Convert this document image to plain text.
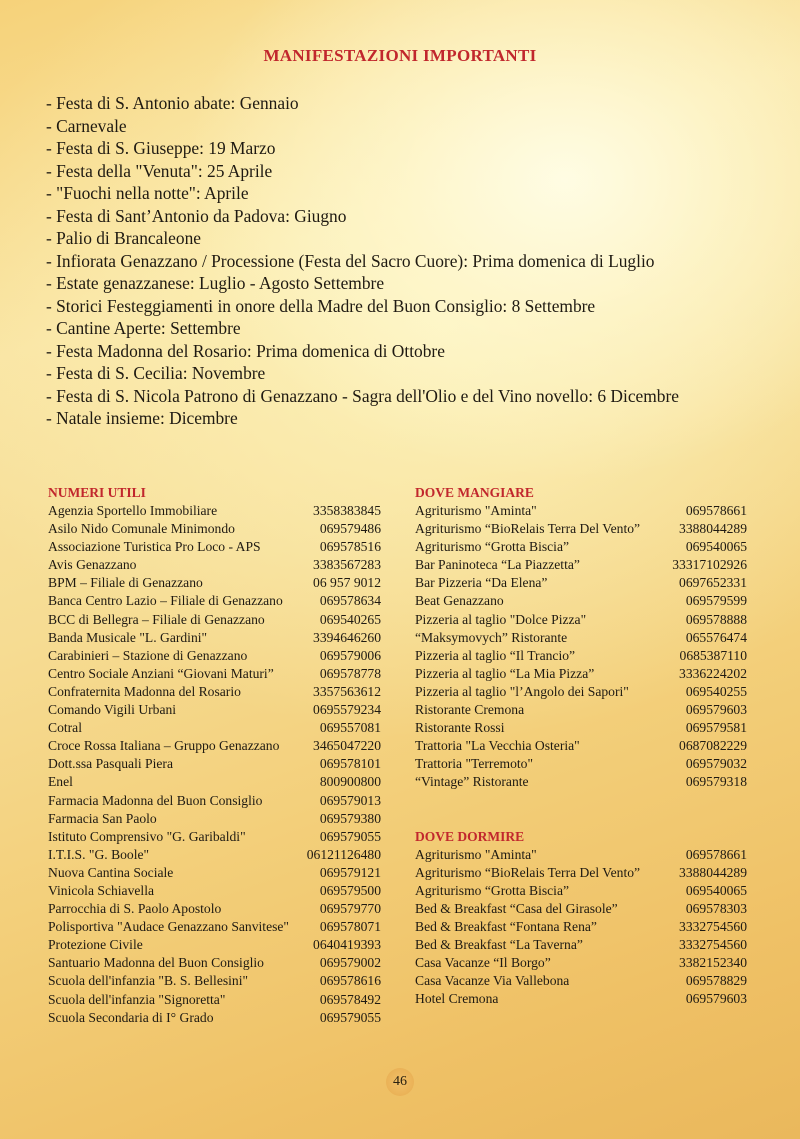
MANIFESTAZIONI IMPORTANTI
- Festa di S. Antonio abate: Gennaio
- Carnevale
- Festa di S. Giuseppe: 19 Marzo
- Festa della "Venuta": 25 Aprile
- "Fuochi nella notte": Aprile
- Festa di Sant’Antonio da Padova: Giugno
- Palio di Brancaleone
- Infiorata Genazzano / Processione (Festa del Sacro Cuore): Prima domenica di Luglio
- Estate genazzanese: Luglio - Agosto Settembre
- Storici Festeggiamenti in onore della Madre del Buon Consiglio: 8 Settembre
- Cantine Aperte: Settembre
- Festa Madonna del Rosario: Prima domenica di Ottobre
- Festa di S. Cecilia: Novembre
- Festa di S. Nicola Patrono di Genazzano - Sagra dell'Olio e del Vino novello: 6 Dicembre
- Natale insieme: Dicembre
NUMERI UTILI
Agenzia Sportello Immobiliare	3358383845
Asilo Nido Comunale Minimondo	069579486
Associazione Turistica Pro Loco - APS	069578516
Avis Genazzano	3383567283
BPM – Filiale di Genazzano	06 957 9012
Banca Centro Lazio – Filiale di Genazzano	069578634
BCC di Bellegra – Filiale di Genazzano	069540265
Banda Musicale "L. Gardini"	3394646260
Carabinieri – Stazione di Genazzano	069579006
Centro Sociale Anziani “Giovani Maturi”	069578778
Confraternita Madonna del Rosario	3357563612
Comando Vigili Urbani	0695579234
Cotral	069557081
Croce Rossa Italiana – Gruppo Genazzano 3465047220
Dott.ssa Pasquali Piera	069578101
Enel	800900800
Farmacia Madonna del Buon Consiglio	069579013
Farmacia San Paolo	069579380
Istituto Comprensivo "G. Garibaldi"	069579055
I.T.I.S. "G. Boole"	06121126480
Nuova Cantina Sociale	069579121
Vinicola Schiavella	069579500
Parrocchia di S. Paolo Apostolo	069579770
Polisportiva "Audace Genazzano Sanvitese" 069578071
Protezione Civile	0640419393
Santuario Madonna del Buon Consiglio	069579002
Scuola dell'infanzia "B. S. Bellesini"	069578616
Scuola dell'infanzia "Signoretta"	069578492
Scuola Secondaria di I° Grado	069579055
DOVE MANGIARE
Agriturismo "Aminta"	069578661
Agriturismo “BioRelais Terra Del Vento”	3388044289
Agriturismo “Grotta Biscia”	069540065
Bar Paninoteca “La Piazzetta”	33317102926
Bar Pizzeria “Da Elena”	0697652331
Beat Genazzano	069579599
Pizzeria al taglio "Dolce Pizza"	069578888
“Maksymovych” Ristorante	065576474
Pizzeria al taglio “Il Trancio”	0685387110
Pizzeria al taglio “La Mia Pizza”	3336224202
Pizzeria al taglio "l’Angolo dei Sapori"	069540255
Ristorante Cremona	069579603
Ristorante Rossi	069579581
Trattoria "La Vecchia Osteria"	0687082229
Trattoria "Terremoto"	069579032
“Vintage” Ristorante	069579318
DOVE DORMIRE
Agriturismo "Aminta"	069578661
Agriturismo “BioRelais Terra Del Vento”	3388044289
Agriturismo “Grotta Biscia”	069540065
Bed & Breakfast “Casa del Girasole”	069578303
Bed & Breakfast “Fontana Rena”	3332754560
Bed & Breakfast “La Taverna”	3332754560
Casa Vacanze “Il Borgo”	3382152340
Casa Vacanze Via Vallebona	069578829
Hotel Cremona	069579603
46
